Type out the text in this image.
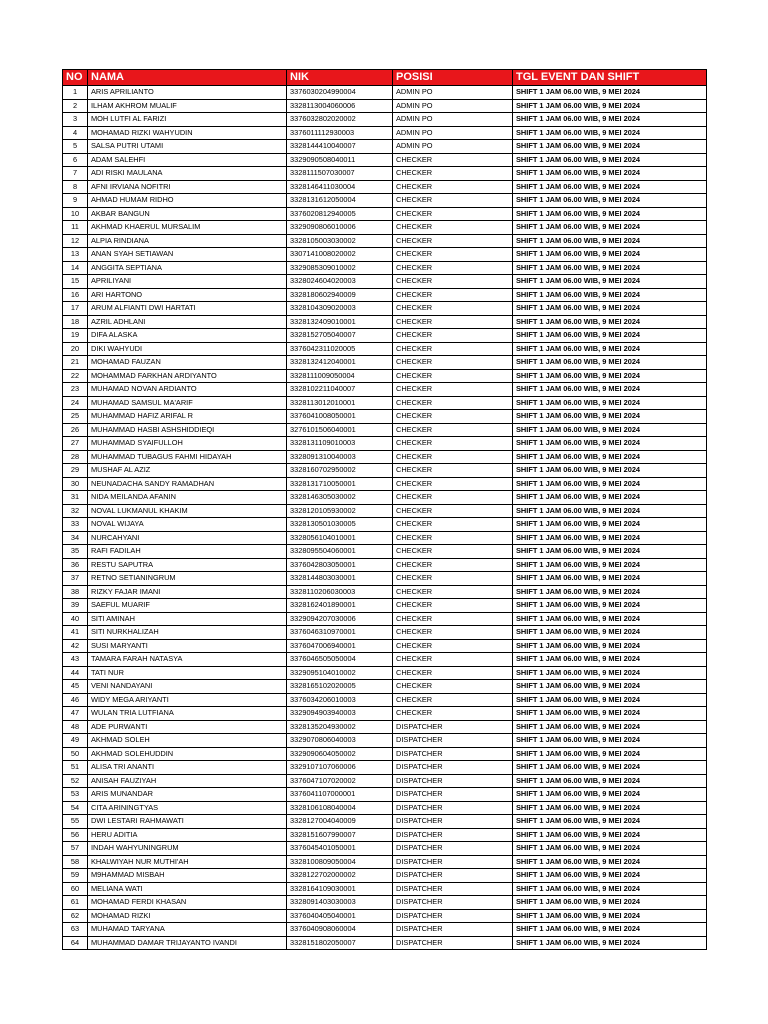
NO	NAMA	NIK	POSISI	TGL EVENT DAN SHIFT
1	ARIS APRILIANTO	3376030204990004	ADMIN PO	SHIFT 1 JAM 06.00 WIB, 9 MEI 2024
2	ILHAM AKHROM MUALIF	3328113004060006	ADMIN PO	SHIFT 1 JAM 06.00 WIB, 9 MEI 2024
3	MOH LUTFI AL FARIZI	3376032802020002	ADMIN PO	SHIFT 1 JAM 06.00 WIB, 9 MEI 2024
4	MOHAMAD RIZKI WAHYUDIN	3376011112930003	ADMIN PO	SHIFT 1 JAM 06.00 WIB, 9 MEI 2024
5	SALSA PUTRI UTAMI	3328144410040007	ADMIN PO	SHIFT 1 JAM 06.00 WIB, 9 MEI 2024
6	ADAM SALEHFI	3329090508040011	CHECKER	SHIFT 1 JAM 06.00 WIB, 9 MEI 2024
7	ADI RISKI MAULANA	3328111507030007	CHECKER	SHIFT 1 JAM 06.00 WIB, 9 MEI 2024
8	AFNI IRVIANA NOFITRI	3328146411030004	CHECKER	SHIFT 1 JAM 06.00 WIB, 9 MEI 2024
9	AHMAD HUMAM RIDHO	3328131612050004	CHECKER	SHIFT 1 JAM 06.00 WIB, 9 MEI 2024
10	AKBAR BANGUN	3376020812940005	CHECKER	SHIFT 1 JAM 06.00 WIB, 9 MEI 2024
11	AKHMAD KHAERUL MURSALIM	3329090806010006	CHECKER	SHIFT 1 JAM 06.00 WIB, 9 MEI 2024
12	ALPIA RINDIANA	3328105003030002	CHECKER	SHIFT 1 JAM 06.00 WIB, 9 MEI 2024
13	ANAN SYAH SETIAWAN	3307141008020002	CHECKER	SHIFT 1 JAM 06.00 WIB, 9 MEI 2024
14	ANGGITA SEPTIANA	3329085309010002	CHECKER	SHIFT 1 JAM 06.00 WIB, 9 MEI 2024
15	APRILIYANI	3328024604020003	CHECKER	SHIFT 1 JAM 06.00 WIB, 9 MEI 2024
16	ARI HARTONO	3328180602940009	CHECKER	SHIFT 1 JAM 06.00 WIB, 9 MEI 2024
17	ARUM ALFIANTI DWI HARTATI	3328104309020003	CHECKER	SHIFT 1 JAM 06.00 WIB, 9 MEI 2024
18	AZRIL ADHLANI	3328132409010001	CHECKER	SHIFT 1 JAM 06.00 WIB, 9 MEI 2024
19	DIFA ALASKA	3328152705040007	CHECKER	SHIFT 1 JAM 06.00 WIB, 9 MEI 2024
20	DIKI WAHYUDI	3376042311020005	CHECKER	SHIFT 1 JAM 06.00 WIB, 9 MEI 2024
21	MOHAMAD FAUZAN	3328132412040001	CHECKER	SHIFT 1 JAM 06.00 WIB, 9 MEI 2024
22	MOHAMMAD FARKHAN ARDIYANTO	3328111009050004	CHECKER	SHIFT 1 JAM 06.00 WIB, 9 MEI 2024
23	MUHAMAD NOVAN ARDIANTO	3328102211040007	CHECKER	SHIFT 1 JAM 06.00 WIB, 9 MEI 2024
24	MUHAMAD SAMSUL MA'ARIF	3328113012010001	CHECKER	SHIFT 1 JAM 06.00 WIB, 9 MEI 2024
25	MUHAMMAD HAFIZ ARIFAL R	3376041008050001	CHECKER	SHIFT 1 JAM 06.00 WIB, 9 MEI 2024
26	MUHAMMAD HASBI ASHSHIDDIEQI	3276101506040001	CHECKER	SHIFT 1 JAM 06.00 WIB, 9 MEI 2024
27	MUHAMMAD SYAIFULLOH	3328131109010003	CHECKER	SHIFT 1 JAM 06.00 WIB, 9 MEI 2024
28	MUHAMMAD TUBAGUS FAHMI HIDAYAH	3328091310040003	CHECKER	SHIFT 1 JAM 06.00 WIB, 9 MEI 2024
29	MUSHAF AL AZIZ	3328160702950002	CHECKER	SHIFT 1 JAM 06.00 WIB, 9 MEI 2024
30	NEUNADACHA SANDY RAMADHAN	3328131710050001	CHECKER	SHIFT 1 JAM 06.00 WIB, 9 MEI 2024
31	NIDA MEILANDA AFANIN	3328146305030002	CHECKER	SHIFT 1 JAM 06.00 WIB, 9 MEI 2024
32	NOVAL LUKMANUL KHAKIM	3328120105930002	CHECKER	SHIFT 1 JAM 06.00 WIB, 9 MEI 2024
33	NOVAL WIJAYA	3328130501030005	CHECKER	SHIFT 1 JAM 06.00 WIB, 9 MEI 2024
34	NURCAHYANI	3328056104010001	CHECKER	SHIFT 1 JAM 06.00 WIB, 9 MEI 2024
35	RAFI FADILAH	3328095504060001	CHECKER	SHIFT 1 JAM 06.00 WIB, 9 MEI 2024
36	RESTU SAPUTRA	3376042803050001	CHECKER	SHIFT 1 JAM 06.00 WIB, 9 MEI 2024
37	RETNO SETIANINGRUM	3328144803030001	CHECKER	SHIFT 1 JAM 06.00 WIB, 9 MEI 2024
38	RIZKY FAJAR IMANI	3328110206030003	CHECKER	SHIFT 1 JAM 06.00 WIB, 9 MEI 2024
39	SAEFUL MUARIF	3328162401890001	CHECKER	SHIFT 1 JAM 06.00 WIB, 9 MEI 2024
40	SITI AMINAH	3329094207030006	CHECKER	SHIFT 1 JAM 06.00 WIB, 9 MEI 2024
41	SITI NURKHALIZAH	3376046310970001	CHECKER	SHIFT 1 JAM 06.00 WIB, 9 MEI 2024
42	SUSI MARYANTI	3376047006940001	CHECKER	SHIFT 1 JAM 06.00 WIB, 9 MEI 2024
43	TAMARA FARAH NATASYA	3376046505050004	CHECKER	SHIFT 1 JAM 06.00 WIB, 9 MEI 2024
44	TATI NUR	3329095104010002	CHECKER	SHIFT 1 JAM 06.00 WIB, 9 MEI 2024
45	VENI NANDAYANI	3328165102020005	CHECKER	SHIFT 1 JAM 06.00 WIB, 9 MEI 2024
46	WIDY MEGA ARIYANTI	3376034206010003	CHECKER	SHIFT 1 JAM 06.00 WIB, 9 MEI 2024
47	WULAN TRIA LUTFIANA	3329094903940003	CHECKER	SHIFT 1 JAM 06.00 WIB, 9 MEI 2024
48	ADE PURWANTI	3328135204930002	DISPATCHER	SHIFT 1 JAM 06.00 WIB, 9 MEI 2024
49	AKHMAD SOLEH	3329070806040003	DISPATCHER	SHIFT 1 JAM 06.00 WIB, 9 MEI 2024
50	AKHMAD SOLEHUDDIN	3329090604050002	DISPATCHER	SHIFT 1 JAM 06.00 WIB, 9 MEI 2024
51	ALISA TRI ANANTI	3329107107060006	DISPATCHER	SHIFT 1 JAM 06.00 WIB, 9 MEI 2024
52	ANISAH FAUZIYAH	3376047107020002	DISPATCHER	SHIFT 1 JAM 06.00 WIB, 9 MEI 2024
53	ARIS MUNANDAR	3376041107000001	DISPATCHER	SHIFT 1 JAM 06.00 WIB, 9 MEI 2024
54	CITA ARININGTYAS	3328106108040004	DISPATCHER	SHIFT 1 JAM 06.00 WIB, 9 MEI 2024
55	DWI LESTARI RAHMAWATI	3328127004040009	DISPATCHER	SHIFT 1 JAM 06.00 WIB, 9 MEI 2024
56	HERU ADITIA	3328151607990007	DISPATCHER	SHIFT 1 JAM 06.00 WIB, 9 MEI 2024
57	INDAH WAHYUNINGRUM	3376045401050001	DISPATCHER	SHIFT 1 JAM 06.00 WIB, 9 MEI 2024
58	KHALWIYAH NUR MUTHI'AH	3328100809050004	DISPATCHER	SHIFT 1 JAM 06.00 WIB, 9 MEI 2024
59	M9HAMMAD MISBAH	3328122702000002	DISPATCHER	SHIFT 1 JAM 06.00 WIB, 9 MEI 2024
60	MELIANA WATI	3328164109030001	DISPATCHER	SHIFT 1 JAM 06.00 WIB, 9 MEI 2024
61	MOHAMAD FERDI KHASAN	3328091403030003	DISPATCHER	SHIFT 1 JAM 06.00 WIB, 9 MEI 2024
62	MOHAMAD RIZKI	3376040405040001	DISPATCHER	SHIFT 1 JAM 06.00 WIB, 9 MEI 2024
63	MUHAMAD TARYANA	3376040908060004	DISPATCHER	SHIFT 1 JAM 06.00 WIB, 9 MEI 2024
64	MUHAMMAD DAMAR TRIJAYANTO IVANDI	3328151802050007	DISPATCHER	SHIFT 1 JAM 06.00 WIB, 9 MEI 2024
